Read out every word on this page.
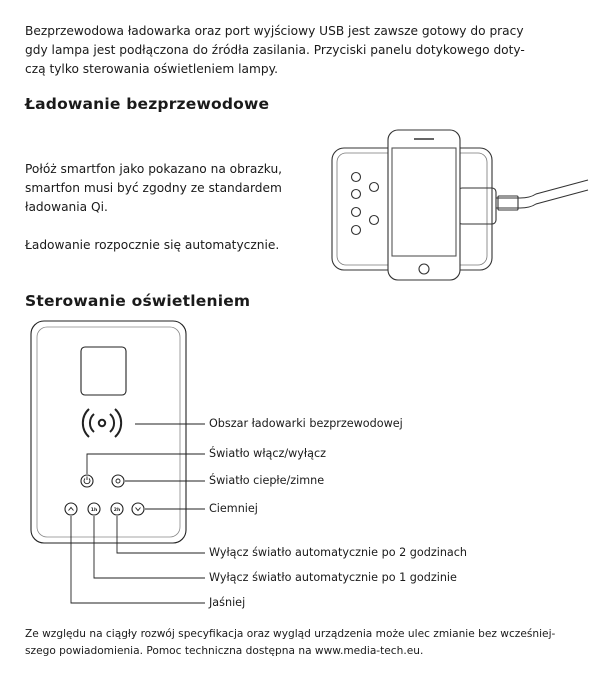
Bezprzewodowa ładowarka oraz port wyjściowy USB jest zawsze gotowy do pracy
gdy lampa jest podłączona do źródła zasilania. Przyciski panelu dotykowego doty-
czą tylko sterowania oświetleniem lampy.
Ładowanie bezprzewodowe
Połóż smartfon jako pokazano na obrazku,
smartfon musi być zgodny ze standardem
ładowania Qi.
Ładowanie rozpocznie się automatycznie.
Sterowanie oświetleniem
1h	2h
Obszar ładowarki bezprzewodowej
Światło włącz/wyłącz
Światło ciepłe/zimne
Ciemniej
Wyłącz światło automatycznie po 2 godzinach
Wyłącz światło automatycznie po 1 godzinie
Jaśniej
Ze względu na ciągły rozwój specyfikacja oraz wygląd urządzenia może ulec zmianie bez wcześniej-
szego powiadomienia. Pomoc techniczna dostępna na www.media-tech.eu.
